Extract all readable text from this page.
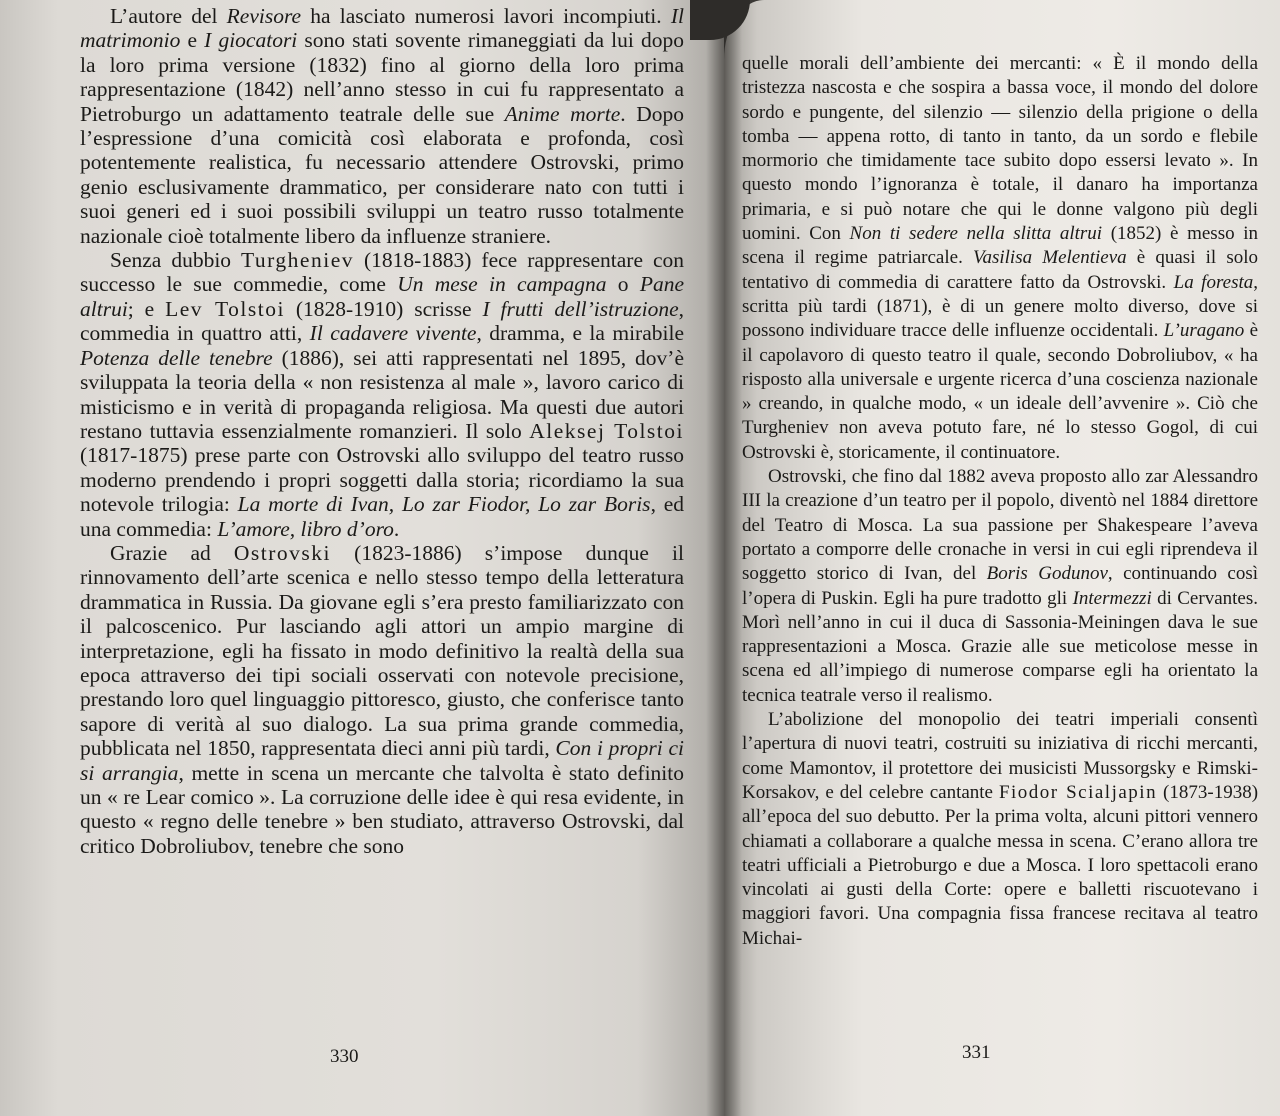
L’autore del Revisore ha lasciato numerosi lavori incompiuti. Il matrimonio e I giocatori sono stati sovente rimaneggiati da lui dopo la loro prima versione (1832) fino al giorno della loro prima rappresentazione (1842) nell’anno stesso in cui fu rappresentato a Pietroburgo un adattamento teatrale delle sue Anime morte. Dopo l’espressione d’una comicità così elaborata e profonda, così potentemente realistica, fu necessario attendere Ostrovski, primo genio esclusivamente drammatico, per considerare nato con tutti i suoi generi ed i suoi possibili sviluppi un teatro russo totalmente nazionale cioè totalmente libero da influenze straniere.

Senza dubbio Turgheniev (1818-1883) fece rappresentare con successo le sue commedie, come Un mese in campagna o Pane altrui; e Lev Tolstoi (1828-1910) scrisse I frutti dell’istruzione, commedia in quattro atti, Il cadavere vivente, dramma, e la mirabile Potenza delle tenebre (1886), sei atti rappresentati nel 1895, dov’è sviluppata la teoria della « non resistenza al male », lavoro carico di misticismo e in verità di propaganda religiosa. Ma questi due autori restano tuttavia essenzialmente romanzieri. Il solo Aleksej Tolstoi (1817-1875) prese parte con Ostrovski allo sviluppo del teatro russo moderno prendendo i propri soggetti dalla storia; ricordiamo la sua notevole trilogia: La morte di Ivan, Lo zar Fiodor, Lo zar Boris, ed una commedia: L’amore, libro d’oro.

Grazie ad Ostrovski (1823-1886) s’impose dunque il rinnovamento dell’arte scenica e nello stesso tempo della letteratura drammatica in Russia. Da giovane egli s’era presto familiarizzato con il palcoscenico. Pur lasciando agli attori un ampio margine di interpretazione, egli ha fissato in modo definitivo la realtà della sua epoca attraverso dei tipi sociali osservati con notevole precisione, prestando loro quel linguaggio pittoresco, giusto, che conferisce tanto sapore di verità al suo dialogo. La sua prima grande commedia, pubblicata nel 1850, rappresentata dieci anni più tardi, Con i propri ci si arrangia, mette in scena un mercante che talvolta è stato definito un « re Lear comico ». La corruzione delle idee è qui resa evidente, in questo « regno delle tenebre » ben studiato, attraverso Ostrovski, dal critico Dobroliubov, tenebre che sono

330

quelle morali dell’ambiente dei mercanti: « È il mondo della tristezza nascosta e che sospira a bassa voce, il mondo del dolore sordo e pungente, del silenzio — silenzio della prigione o della tomba — appena rotto, di tanto in tanto, da un sordo e flebile mormorio che timidamente tace subito dopo essersi levato ». In questo mondo l’ignoranza è totale, il danaro ha importanza primaria, e si può notare che qui le donne valgono più degli uomini. Con Non ti sedere nella slitta altrui (1852) è messo in scena il regime patriarcale. Vasilisa Melentieva è quasi il solo tentativo di commedia di carattere fatto da Ostrovski. La foresta, scritta più tardi (1871), è di un genere molto diverso, dove si possono individuare tracce delle influenze occidentali. L’uragano è il capolavoro di questo teatro il quale, secondo Dobroliubov, « ha risposto alla universale e urgente ricerca d’una coscienza nazionale » creando, in qualche modo, « un ideale dell’avvenire ». Ciò che Turgheniev non aveva potuto fare, né lo stesso Gogol, di cui Ostrovski è, storicamente, il continuatore.

Ostrovski, che fino dal 1882 aveva proposto allo zar Alessandro III la creazione d’un teatro per il popolo, diventò nel 1884 direttore del Teatro di Mosca. La sua passione per Shakespeare l’aveva portato a comporre delle cronache in versi in cui egli riprendeva il soggetto storico di Ivan, del Boris Godunov, continuando così l’opera di Puskin. Egli ha pure tradotto gli Intermezzi di Cervantes. Morì nell’anno in cui il duca di Sassonia-Meiningen dava le sue rappresentazioni a Mosca. Grazie alle sue meticolose messe in scena ed all’impiego di numerose comparse egli ha orientato la tecnica teatrale verso il realismo.

L’abolizione del monopolio dei teatri imperiali consentì l’apertura di nuovi teatri, costruiti su iniziativa di ricchi mercanti, come Mamontov, il protettore dei musicisti Mussorgsky e Rimski-Korsakov, e del celebre cantante Fiodor Scialjapin (1873-1938) all’epoca del suo debutto. Per la prima volta, alcuni pittori vennero chiamati a collaborare a qualche messa in scena. C’erano allora tre teatri ufficiali a Pietroburgo e due a Mosca. I loro spettacoli erano vincolati ai gusti della Corte: opere e balletti riscuotevano i maggiori favori. Una compagnia fissa francese recitava al teatro Michai-

331
